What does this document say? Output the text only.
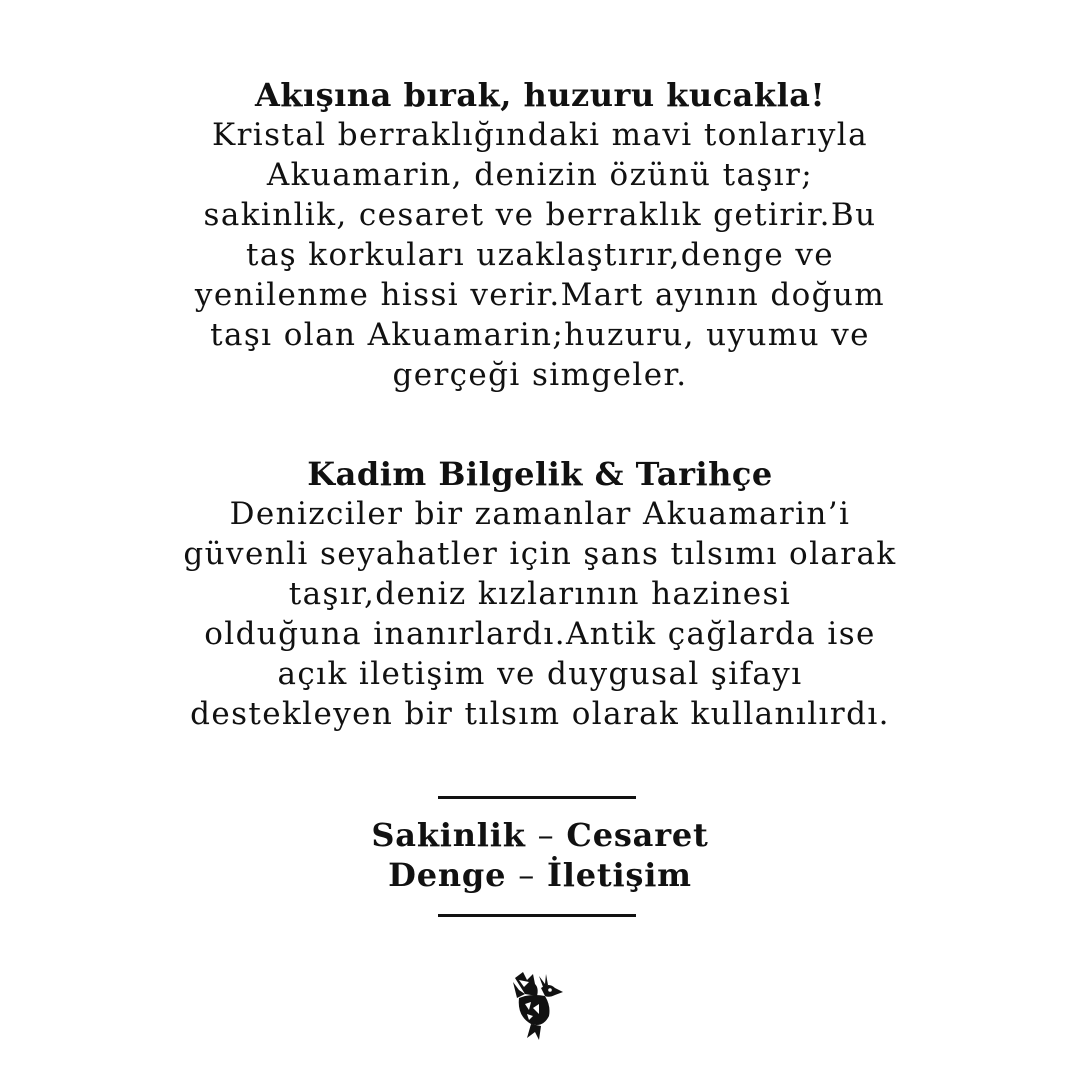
Akışına bırak, huzuru kucakla!
Kristal berraklığındaki mavi tonlarıyla
Akuamarin, denizin özünü taşır;
sakinlik, cesaret ve berraklık getirir.Bu
taş korkuları uzaklaştırır,denge ve
yenilenme hissi verir.Mart ayının doğum
taşı olan Akuamarin;huzuru, uyumu ve
gerçeği simgeler.
Kadim Bilgelik & Tarihçe
Denizciler bir zamanlar Akuamarin’i
güvenli seyahatler için şans tılsımı olarak
taşır,deniz kızlarının hazinesi
olduğuna inanırlardı.Antik çağlarda ise
açık iletişim ve duygusal şifayı
destekleyen bir tılsım olarak kullanılırdı.
Sakinlik – Cesaret
Denge – İletişim
